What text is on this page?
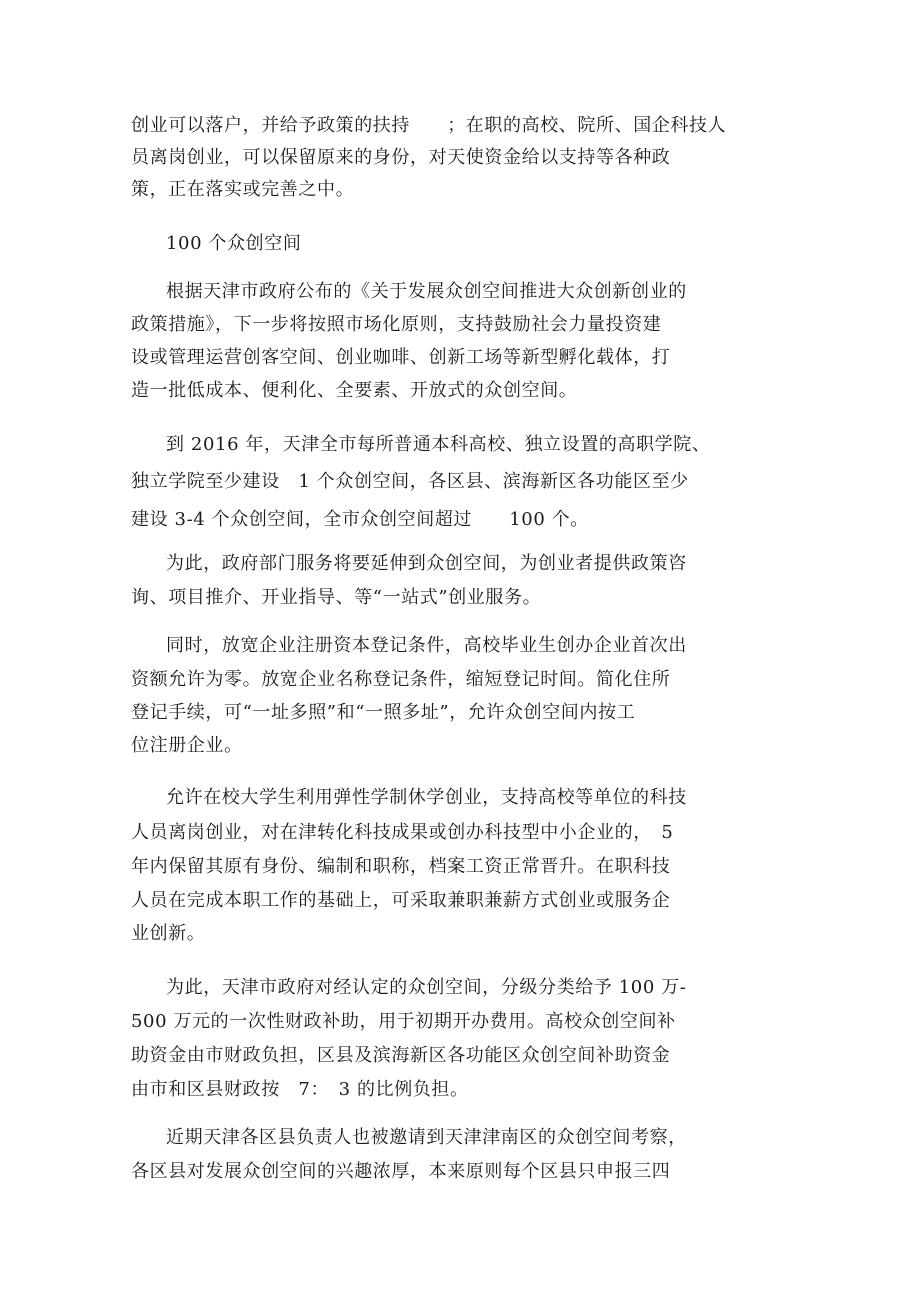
创业可以落户，并给予政策的扶持　　；在职的高校、院所、国企科技人
员离岗创业，可以保留原来的身份，对天使资金给以支持等各种政
策，正在落实或完善之中。
100 个众创空间
根据天津市政府公布的《关于发展众创空间推进大众创新创业的
政策措施》，下一步将按照市场化原则，支持鼓励社会力量投资建
设或管理运营创客空间、创业咖啡、创新工场等新型孵化载体，打
造一批低成本、便利化、全要素、开放式的众创空间。
到 2016 年，天津全市每所普通本科高校、独立设置的高职学院、
独立学院至少建设　1 个众创空间，各区县、滨海新区各功能区至少
建设 3-4 个众创空间，全市众创空间超过　　100 个。
为此，政府部门服务将要延伸到众创空间，为创业者提供政策咨
询、项目推介、开业指导、等“一站式”创业服务。
同时，放宽企业注册资本登记条件，高校毕业生创办企业首次出
资额允许为零。放宽企业名称登记条件，缩短登记时间。简化住所
登记手续，可“一址多照”和“一照多址”，允许众创空间内按工
位注册企业。
允许在校大学生利用弹性学制休学创业，支持高校等单位的科技
人员离岗创业，对在津转化科技成果或创办科技型中小企业的，　5
年内保留其原有身份、编制和职称，档案工资正常晋升。在职科技
人员在完成本职工作的基础上，可采取兼职兼薪方式创业或服务企
业创新。
为此，天津市政府对经认定的众创空间，分级分类给予 100 万-
500 万元的一次性财政补助，用于初期开办费用。高校众创空间补
助资金由市财政负担，区县及滨海新区各功能区众创空间补助资金
由市和区县财政按　7：　3 的比例负担。
近期天津各区县负责人也被邀请到天津津南区的众创空间考察，
各区县对发展众创空间的兴趣浓厚，本来原则每个区县只申报三四
